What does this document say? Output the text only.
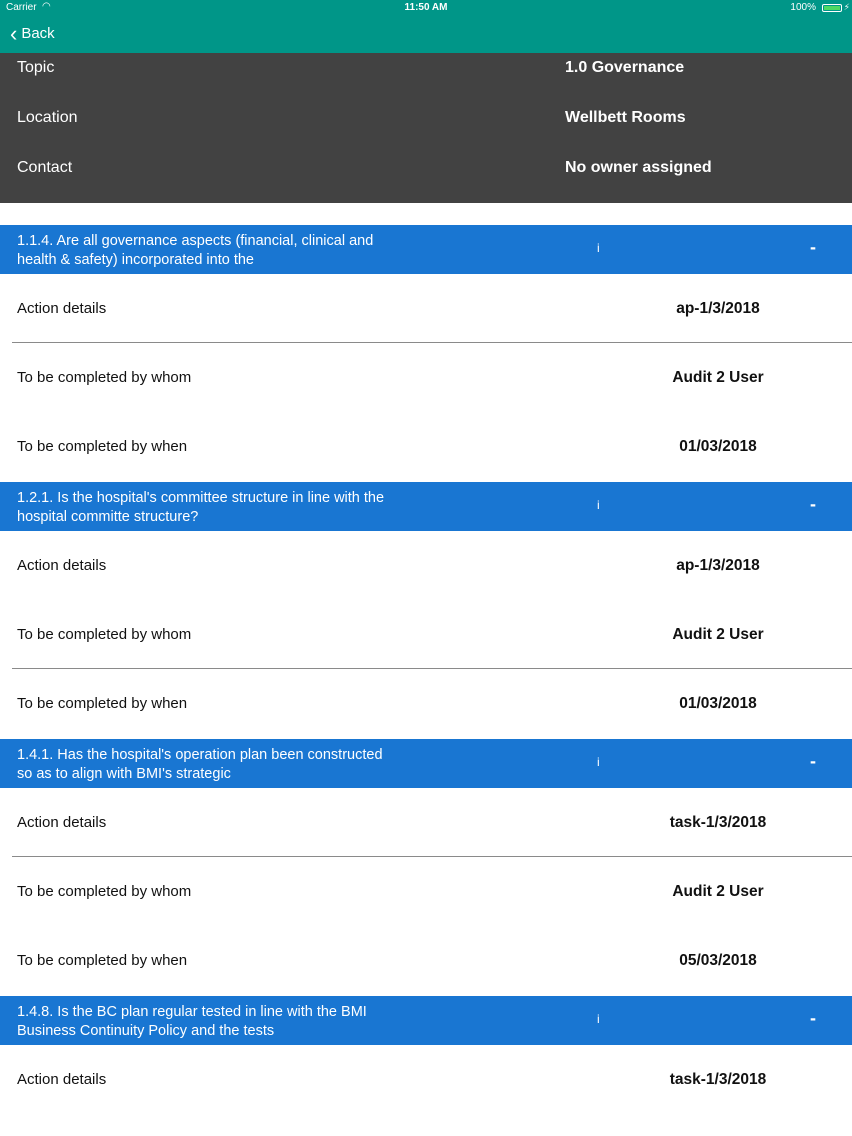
Carrier ◠	11:50 AM	100%	⚡
‹ Back
Topic	1.0 Governance
Location	Wellbett Rooms
Contact	No owner assigned
1.1.4. Are all governance aspects (financial, clinical and health & safety) incorporated into the
i	-
Action details	ap-1/3/2018
To be completed by whom	Audit 2 User
To be completed by when	01/03/2018
1.2.1. Is the hospital's committee structure in line with the hospital committe structure?
i	-
Action details	ap-1/3/2018
To be completed by whom	Audit 2 User
To be completed by when	01/03/2018
1.4.1. Has the hospital's operation plan been constructed so as to align with BMI's strategic
i	-
Action details	task-1/3/2018
To be completed by whom	Audit 2 User
To be completed by when	05/03/2018
1.4.8. Is the BC plan regular tested in line with the BMI Business Continuity Policy and the tests
i	-
Action details	task-1/3/2018
